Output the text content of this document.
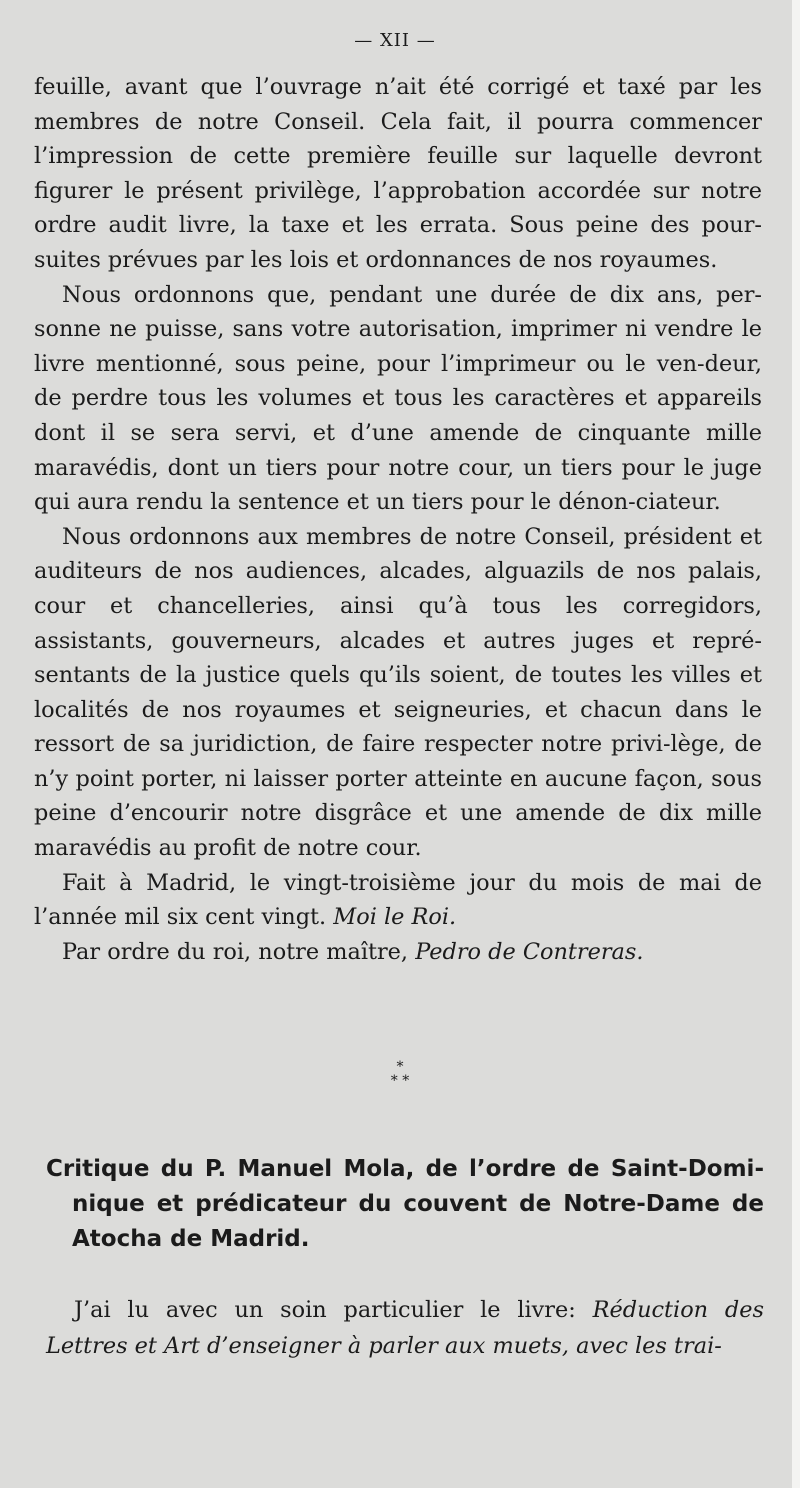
— XII —

feuille, avant que l’ouvrage n’ait été corrigé et taxé par les membres de notre Conseil. Cela fait, il pourra commencer l’impression de cette première feuille sur laquelle devront figurer le présent privilège, l’approbation accordée sur notre ordre audit livre, la taxe et les errata. Sous peine des pour-suites prévues par les lois et ordonnances de nos royaumes.

Nous ordonnons que, pendant une durée de dix ans, per-sonne ne puisse, sans votre autorisation, imprimer ni vendre le livre mentionné, sous peine, pour l’imprimeur ou le ven-deur, de perdre tous les volumes et tous les caractères et appareils dont il se sera servi, et d’une amende de cinquante mille maravédis, dont un tiers pour notre cour, un tiers pour le juge qui aura rendu la sentence et un tiers pour le dénon-ciateur.

Nous ordonnons aux membres de notre Conseil, président et auditeurs de nos audiences, alcades, alguazils de nos palais, cour et chancelleries, ainsi qu’à tous les corregidors, assistants, gouverneurs, alcades et autres juges et repré-sentants de la justice quels qu’ils soient, de toutes les villes et localités de nos royaumes et seigneuries, et chacun dans le ressort de sa juridiction, de faire respecter notre privi-lège, de n’y point porter, ni laisser porter atteinte en aucune façon, sous peine d’encourir notre disgrâce et une amende de dix mille maravédis au profit de notre cour.

Fait à Madrid, le vingt-troisième jour du mois de mai de l’année mil six cent vingt. Moi le Roi.

Par ordre du roi, notre maître, Pedro de Contreras.

*
* *
Critique du P. Manuel Mola, de l’ordre de Saint-Domi-nique et prédicateur du couvent de Notre-Dame de Atocha de Madrid.

J’ai lu avec un soin particulier le livre: Réduction des Lettres et Art d’enseigner à parler aux muets, avec les trai-
